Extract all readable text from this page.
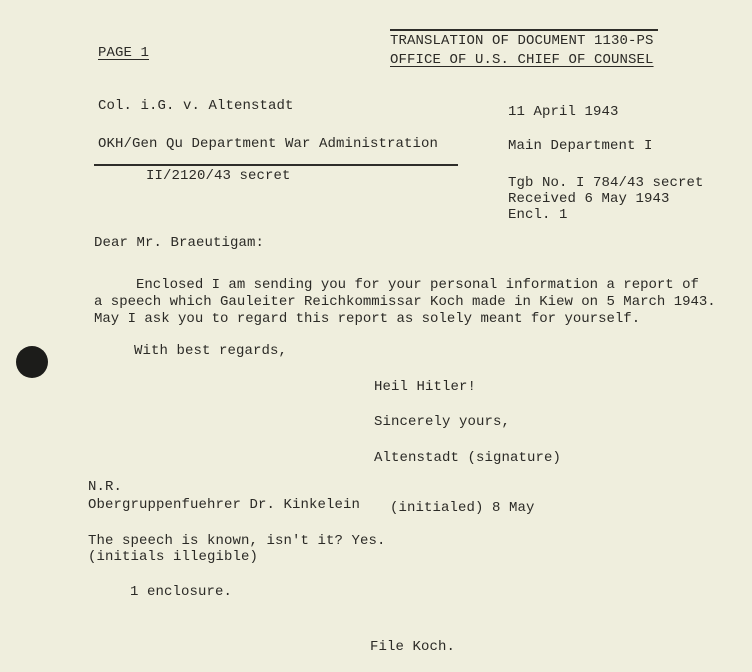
PAGE 1
TRANSLATION OF DOCUMENT 1130-PS
OFFICE OF U.S. CHIEF OF COUNSEL
Col. i.G. v. Altenstadt
OKH/Gen Qu Department War Administration
II/2120/43 secret
11 April 1943
Main Department I
Tgb No. I 784/43 secret
Received 6 May 1943
Encl. 1
Dear Mr. Braeutigam:
Enclosed I am sending you for your personal information a report of
a speech which Gauleiter Reichkommissar Koch made in Kiew on 5 March 1943.
May I ask you to regard this report as solely meant for yourself.
With best regards,
Heil Hitler!
Sincerely yours,
Altenstadt (signature)
N.R.
Obergruppenfuehrer Dr. Kinkelein (initialed) 8 May
The speech is known, isn't it? Yes.
(initials illegible)
1 enclosure.
File Koch.
